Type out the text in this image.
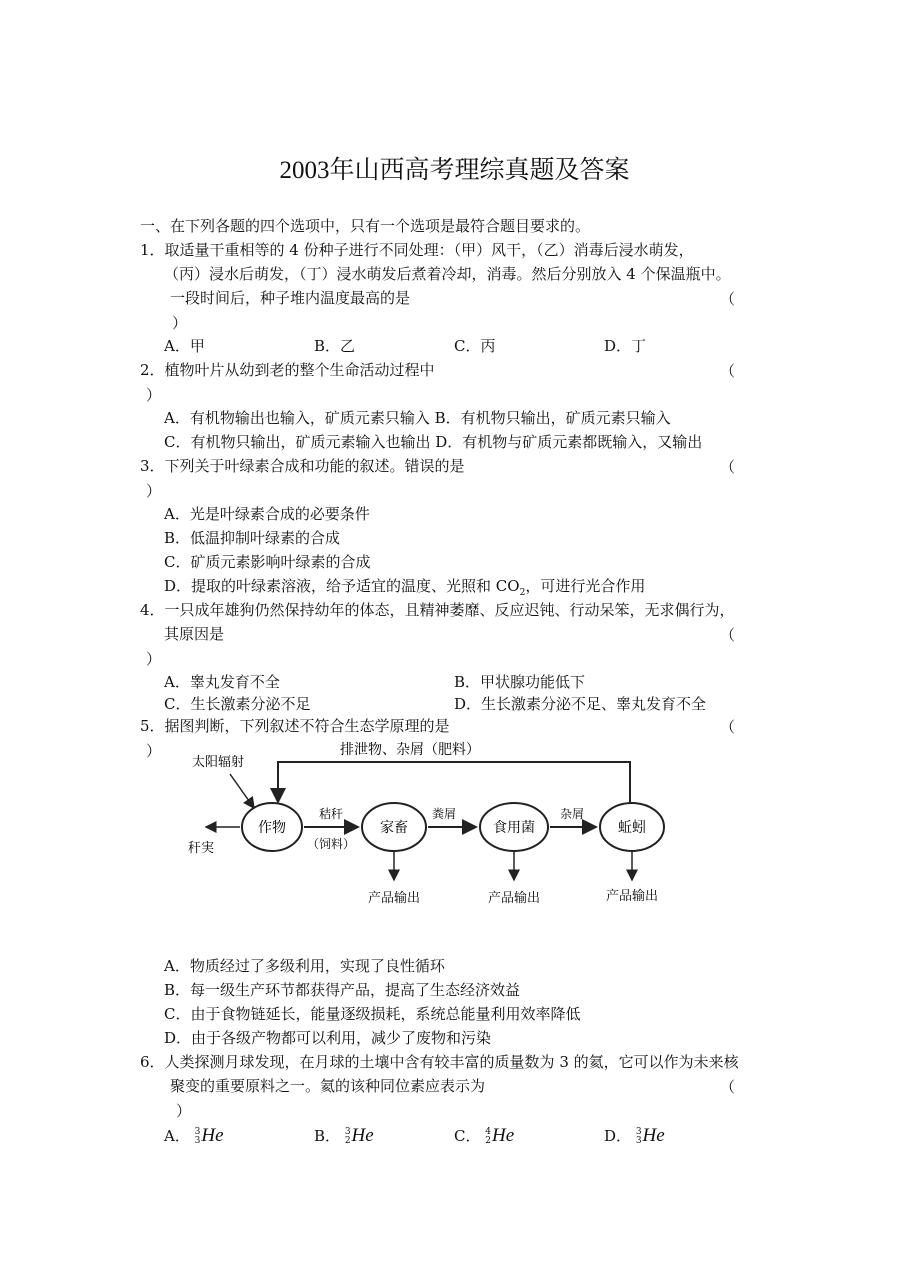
2003年山西高考理综真题及答案
一、在下列各题的四个选项中，只有一个选项是最符合题目要求的。
1．取适量干重相等的 4 份种子进行不同处理：（甲）风干，（乙）消毒后浸水萌发，
（丙）浸水后萌发，（丁）浸水萌发后煮着冷却，消毒。然后分别放入 4 个保温瓶中。
一段时间后，种子堆内温度最高的是	（
）
A．甲	B．乙	C．丙	D．丁
2．植物叶片从幼到老的整个生命活动过程中	（
）
A．有机物输出也输入，矿质元素只输入 B．有机物只输出，矿质元素只输入
C．有机物只输出，矿质元素输入也输出 D．有机物与矿质元素都既输入，又输出
3．下列关于叶绿素合成和功能的叙述。错误的是	（
）
A．光是叶绿素合成的必要条件
B．低温抑制叶绿素的合成
C．矿质元素影响叶绿素的合成
D．提取的叶绿素溶液，给予适宜的温度、光照和 $CO_2$，可进行光合作用
4．一只成年雄狗仍然保持幼年的体态，且精神萎靡、反应迟钝、行动呆笨，无求偶行为，
其原因是	（
）
A．睾丸发育不全	B．甲状腺功能低下
C．生长激素分泌不足	D．生长激素分泌不足、睾丸发育不全
5．据图判断，下列叙述不符合生态学原理的是	（
）	排泄物、杂屑（肥料）
太阳辐射
作物	家畜	食用菌	蚯蚓
秆実
秸秆
（饲料）
粪屑	杂屑
产品输出	产品输出	产品输出
A．物质经过了多级利用，实现了良性循环
B．每一级生产环节都获得产品，提高了生态经济效益
C．由于食物链延长，能量逐级损耗，系统总能量利用效率降低
D．由于各级产物都可以利用，减少了废物和污染
6．人类探测月球发现，在月球的土壤中含有较丰富的质量数为 3 的氦，它可以作为未来核
聚变的重要原料之一。氦的该种同位素应表示为	（
）
A． 3
3 He	B． 3
2 He	C． 4
2 He	D． 3
3 He
